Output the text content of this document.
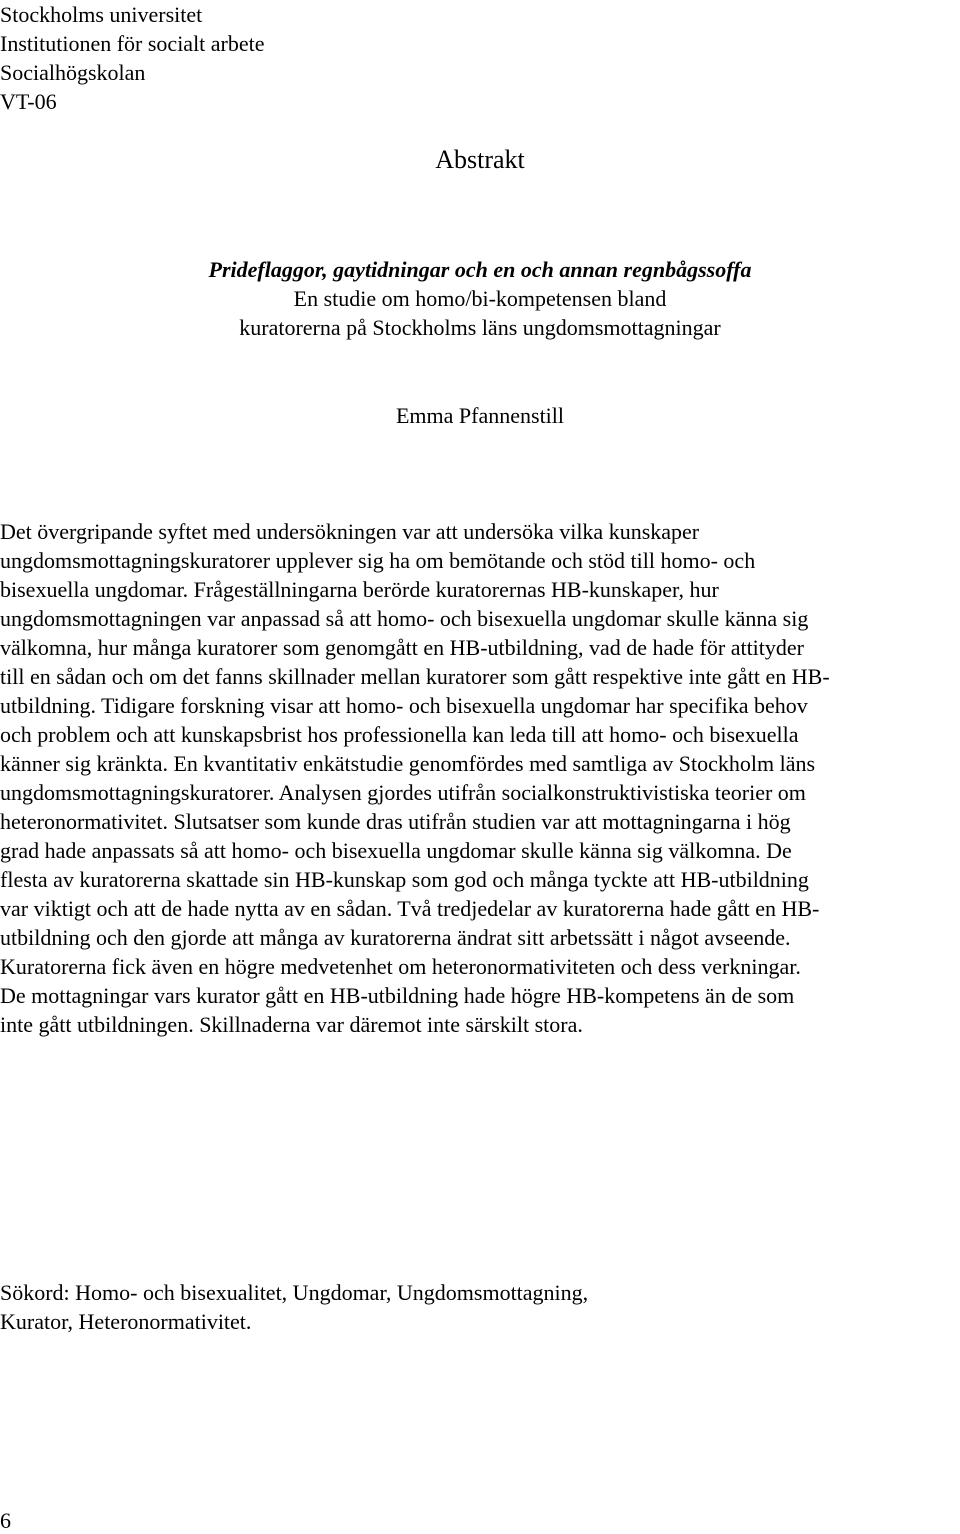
Stockholms universitet
Institutionen för socialt arbete
Socialhögskolan
VT-06
Abstrakt
Prideflaggor, gaytidningar och en och annan regnbågssoffa
En studie om homo/bi-kompetensen bland
kuratorerna på Stockholms läns ungdomsmottagningar
Emma Pfannenstill
Det övergripande syftet med undersökningen var att undersöka vilka kunskaper
ungdomsmottagningskuratorer upplever sig ha om bemötande och stöd till homo- och
bisexuella ungdomar. Frågeställningarna berörde kuratorernas HB-kunskaper, hur
ungdomsmottagningen var anpassad så att homo- och bisexuella ungdomar skulle känna sig
välkomna, hur många kuratorer som genomgått en HB-utbildning, vad de hade för attityder
till en sådan och om det fanns skillnader mellan kuratorer som gått respektive inte gått en HB-
utbildning. Tidigare forskning visar att homo- och bisexuella ungdomar har specifika behov
och problem och att kunskapsbrist hos professionella kan leda till att homo- och bisexuella
känner sig kränkta. En kvantitativ enkätstudie genomfördes med samtliga av Stockholm läns
ungdomsmottagningskuratorer. Analysen gjordes utifrån socialkonstruktivistiska teorier om
heteronormativitet. Slutsatser som kunde dras utifrån studien var att mottagningarna i hög
grad hade anpassats så att homo- och bisexuella ungdomar skulle känna sig välkomna. De
flesta av kuratorerna skattade sin HB-kunskap som god och många tyckte att HB-utbildning
var viktigt och att de hade nytta av en sådan. Två tredjedelar av kuratorerna hade gått en HB-
utbildning och den gjorde att många av kuratorerna ändrat sitt arbetssätt i något avseende.
Kuratorerna fick även en högre medvetenhet om heteronormativiteten och dess verkningar.
De mottagningar vars kurator gått en HB-utbildning hade högre HB-kompetens än de som
inte gått utbildningen. Skillnaderna var däremot inte särskilt stora.
Sökord: Homo- och bisexualitet, Ungdomar, Ungdomsmottagning,
Kurator, Heteronormativitet.
6
